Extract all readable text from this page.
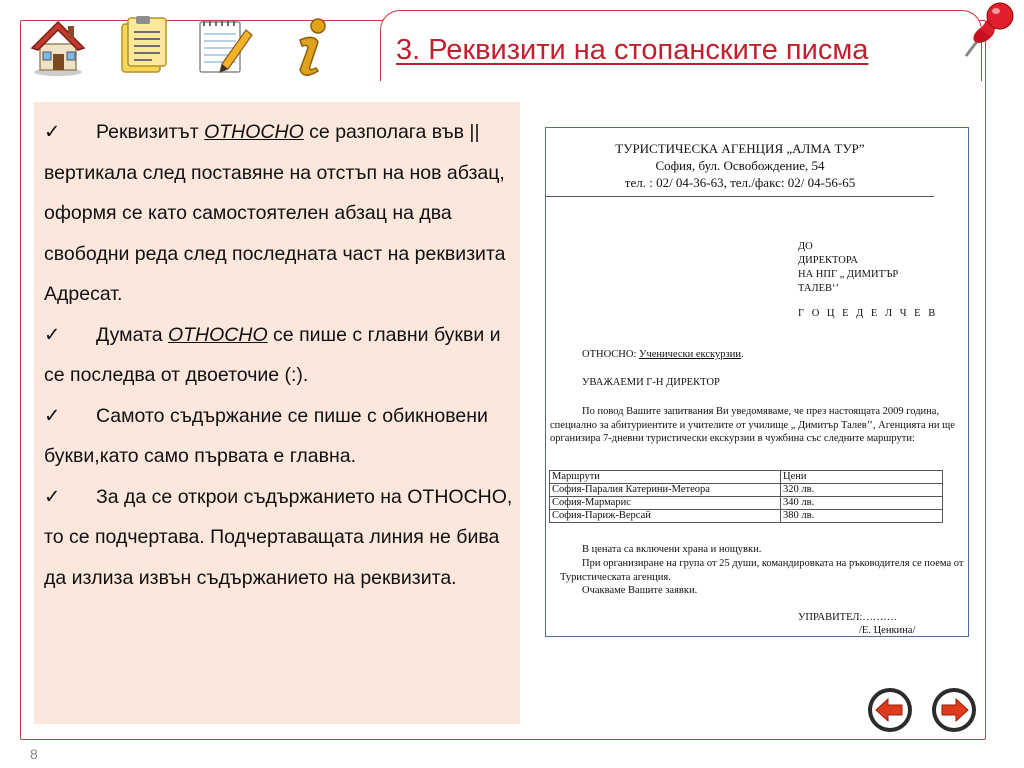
3. Реквизити на стопанските писма

✓ Реквизитът ОТНОСНО се разполага във || вертикала след поставяне на отстъп на нов абзац, оформя се като самостоятелен абзац на два свободни реда след последната част на реквизита Адресат.

✓ Думата ОТНОСНО се пише с главни букви и се последва от двоеточие (:).

✓ Самото съдържание се пише с обикновени букви,като само първата е главна.

✓ За да се открои съдържанието на ОТНОСНО, то се подчертава. Подчертаващата линия не бива да излиза извън съдържанието на реквизита.

ТУРИСТИЧЕСКА АГЕНЦИЯ „АЛМА ТУР”
София, бул. Освобождение, 54
тел. : 02/ 04-36-63, тел./факс: 02/ 04-56-65
ДО
ДИРЕКТОРА
НА НПГ „ ДИМИТЪР
ТАЛЕВ‘’
Г О Ц Е Д Е Л Ч Е В
ОТНОСНО: Ученически екскурзии.
УВАЖАЕМИ Г-Н ДИРЕКТОР
По повод Вашите запитвания Ви уведомяваме, че през настоящата 2009 година, специално за абитуриентите и учителите от училище „ Димитър Талев’’, Агенцията ни ще организира 7-дневни туристически екскурзии в чужбина със следните маршрути:
Маршрути	Цени
София-Паралия Катерини-Метеора	320 лв.
София-Мармарис	340 лв.
София-Париж-Версай	380 лв.
В цената са включени храна и нощувки.
При организиране на група от 25 души, командировката на ръководителя се поема от Туристическата агенция.
Очакваме Вашите заявки.
УПРАВИТЕЛ:……….
/Е. Ценкина/
8
